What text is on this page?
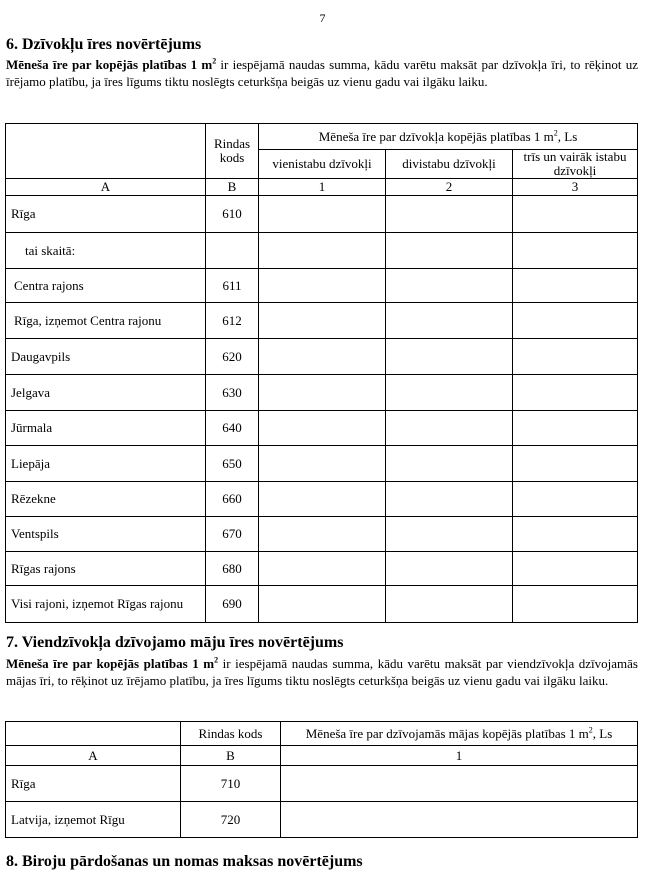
7
6. Dzīvokļu īres novērtējums
Mēneša īre par kopējās platības 1 $m^2$ ir iespējamā naudas summa, kādu varētu maksāt par dzīvokļa īri, to rēķinot uz īrējamo platību, ja īres līgums tiktu noslēgts ceturkšņa beigās uz vienu gadu vai ilgāku laiku.
	Rindas kods	Mēneša īre par dzīvokļa kopējās platības 1 $m^2$, Ls		
		vienistabu dzīvokļi	divistabu dzīvokļi	trīs un vairāk istabu dzīvokļi
A	B	1	2	3
Rīga	610			
tai skaitā:				
Centra rajons	611			
Rīga, izņemot Centra rajonu	612			
Daugavpils	620			
Jelgava	630			
Jūrmala	640			
Liepāja	650			
Rēzekne	660			
Ventspils	670			
Rīgas rajons	680			
Visi rajoni, izņemot Rīgas rajonu	690			
7. Viendzīvokļa dzīvojamo māju īres novērtējums
Mēneša īre par kopējās platības 1 $m^2$ ir iespējamā naudas summa, kādu varētu maksāt par viendzīvokļa dzīvojamās mājas īri, to rēķinot uz īrējamo platību, ja īres līgums tiktu noslēgts ceturkšņa beigās uz vienu gadu vai ilgāku laiku.
	Rindas kods	Mēneša īre par dzīvojamās mājas kopējās platības 1 $m^2$, Ls
A	B	1
Rīga	710	
Latvija, izņemot Rīgu	720	
8. Biroju pārdošanas un nomas maksas novērtējums
